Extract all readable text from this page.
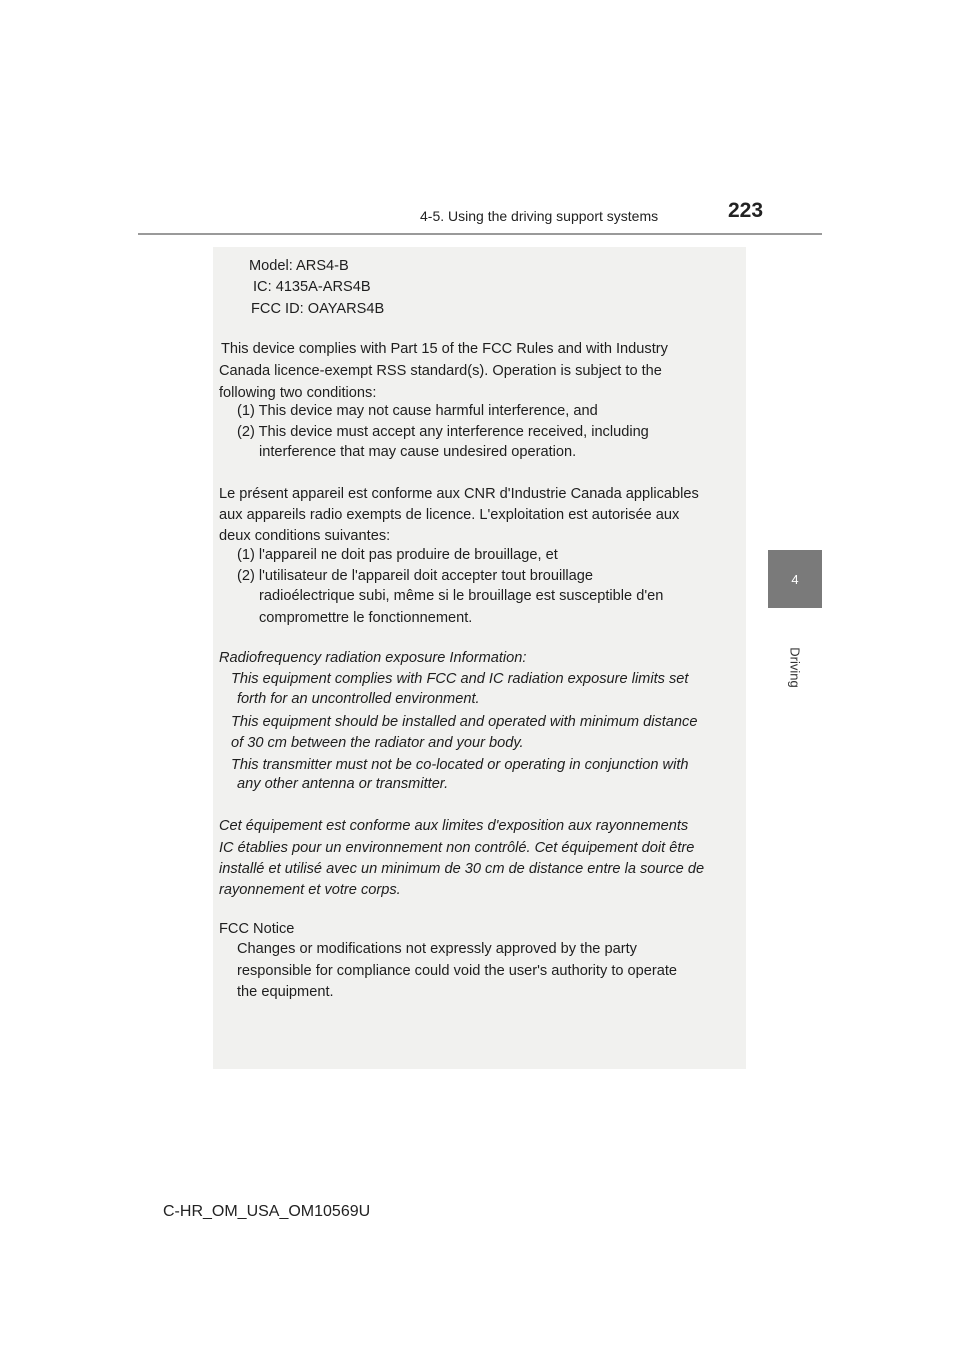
4-5. Using the driving support systems	223
4
Driving
Model: ARS4-B
IC: 4135A-ARS4B
FCC ID: OAYARS4B
This device complies with Part 15 of the FCC Rules and with Industry
Canada licence-exempt RSS standard(s). Operation is subject to the
following two conditions:
(1) This device may not cause harmful interference, and
(2) This device must accept any interference received, including
interference that may cause undesired operation.
Le présent appareil est conforme aux CNR d'Industrie Canada applicables
aux appareils radio exempts de licence. L'exploitation est autorisée aux
deux conditions suivantes:
(1) l'appareil ne doit pas produire de brouillage, et
(2) l'utilisateur de l'appareil doit accepter tout brouillage
radioélectrique subi, même si le brouillage est susceptible d'en
compromettre le fonctionnement.
Radiofrequency radiation exposure Information:
This equipment complies with FCC and IC radiation exposure limits set
forth for an uncontrolled environment.
This equipment should be installed and operated with minimum distance
of 30 cm between the radiator and your body.
This transmitter must not be co-located or operating in conjunction with
any other antenna or transmitter.
Cet équipement est conforme aux limites d'exposition aux rayonnements
IC établies pour un environnement non contrôlé. Cet équipement doit être
installé et utilisé avec un minimum de 30 cm de distance entre la source de
rayonnement et votre corps.
FCC Notice
Changes or modifications not expressly approved by the party
responsible for compliance could void the user's authority to operate
the equipment.
C-HR_OM_USA_OM10569U
